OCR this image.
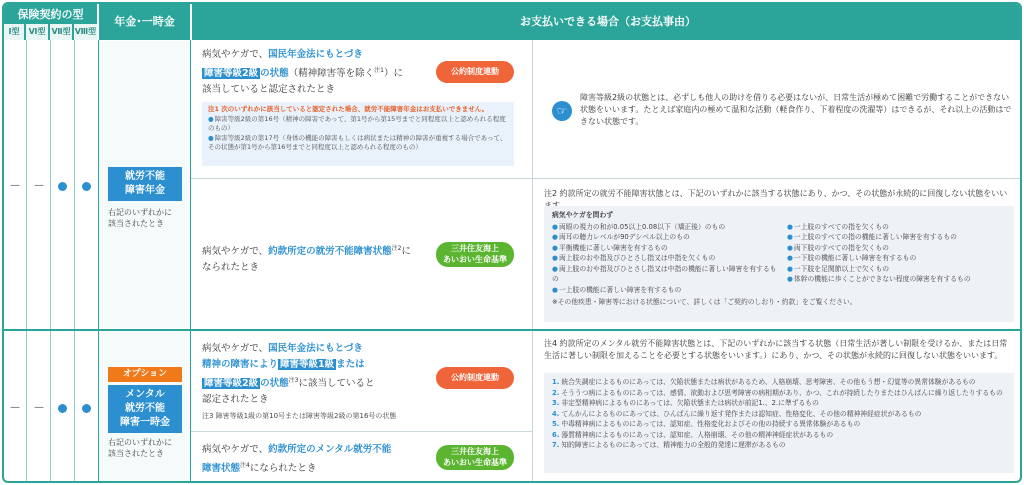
保険契約の型
Ⅰ型	Ⅵ型 Ⅶ型 Ⅷ型
年金･一時金	お支払いできる場合（お支払事由）
— —
就労不能
障害年金
右記のいずれかに
該当されたとき
病気やケガで、国民年金法にもとづき
障害等級2級 の状態（精神障害等を除く$^{注1}$）に
該当していると認定されたとき
公約制度連動
注1 次のいずれかに該当していると認定された場合、就労不能障害年金はお支払いできません。
● 障害等級2級の第16号（精神の障害であって、第1号から第15号までと同程度以上と認められる程度のもの）
● 障害等級2級の第17号（身体の機能の障害もしくは病状または精神の障害が重複する場合であって、その状態が第1号から第16号までと同程度以上と認められる程度のもの）
☞
障害等級2級の状態とは、必ずしも他人の助けを借りる必要はないが、日常生活が極めて困難で労働することができない状態をいいます。たとえば家庭内の極めて温和な活動（軽食作り、下着程度の洗濯等）はできるが、それ以上の活動はできない状態です。
病気やケガで、約款所定の就労不能障害状態$^{注2}$に
なられたとき
三井住友海上
あいおい生命基準
注2 約款所定の就労不能障害状態とは、下記のいずれかに該当する状態にあり、かつ、その状態が永続的に回復しない状態をいい
病気やケガを問わず
● 両眼の視力の和が0.05以上0.08以下（矯正後）のもの
● 両耳の聴力レベルが90デシベル以上のもの
● 平衡機能に著しい障害を有するもの
● 両上肢のおや指及びひとさし指又は中指を欠くもの
● 両上肢のおや指及びひとさし指又は中指の機能に著しい障害を有するもの
● 一上肢の機能に著しい障害を有するもの
● 一上肢のすべての指を欠くもの
● 一上肢のすべての指の機能に著しい障害を有するもの
● 両下肢のすべての指を欠くもの
● 一下肢の機能に著しい障害を有するもの
● 一下肢を足関節以上で欠くもの
● 体幹の機能に歩くことができない程度の障害を有するもの
※その他疾患・障害等における状態について、詳しくは「ご契約のしおり・約款」をご覧ください。
— —
オプション
メンタル
就労不能
障害一時金
右記のいずれかに
該当されたとき
病気やケガで、国民年金法にもとづき
精神の障害により 障害等級1級 または
障害等級2級 の状態$^{注3}$に該当していると
認定されたとき
公約制度連動
注3 障害等級1級の第10号または障害等級2級の第16号の状態
病気やケガで、約款所定のメンタル就労不能
障害状態$^{注4}$になられたとき
三井住友海上
あいおい生命基準
注4 約款所定のメンタル就労不能障害状態とは、下記のいずれかに該当する状態（日常生活が著しい制限を受けるか、または日常生活に著しい制限を加えることを必要とする状態をいいます。）にあり、かつ、その状態が永続的に回復しない状態をいいます。
1. 統合失調症によるものにあっては、欠陥状態または病状があるため、人格崩壊、思考障害、その他もう想・幻覚等の異常体験があるもの
2. そううつ病によるものにあっては、感情、欲動および思考障害の病相期があり、かつ、これが持続したりまたはひんぱんに繰り返したりするもの
3. 非定型精神病によるものにあっては、欠陥状態または病状が前記1.、2.に準ずるもの
4. てんかんによるものにあっては、ひんぱんに繰り返す発作または認知症、性格変化、その他の精神神経症状があるもの
5. 中毒精神病によるものにあっては、認知症、性格変化およびその他の持続する異常体験があるもの
6. 器質精神病によるものにあっては、認知症、人格崩壊、その他の精神神経症状があるもの
7. 知的障害によるものにあっては、精神能力の全般的発達に遅滞があるもの
